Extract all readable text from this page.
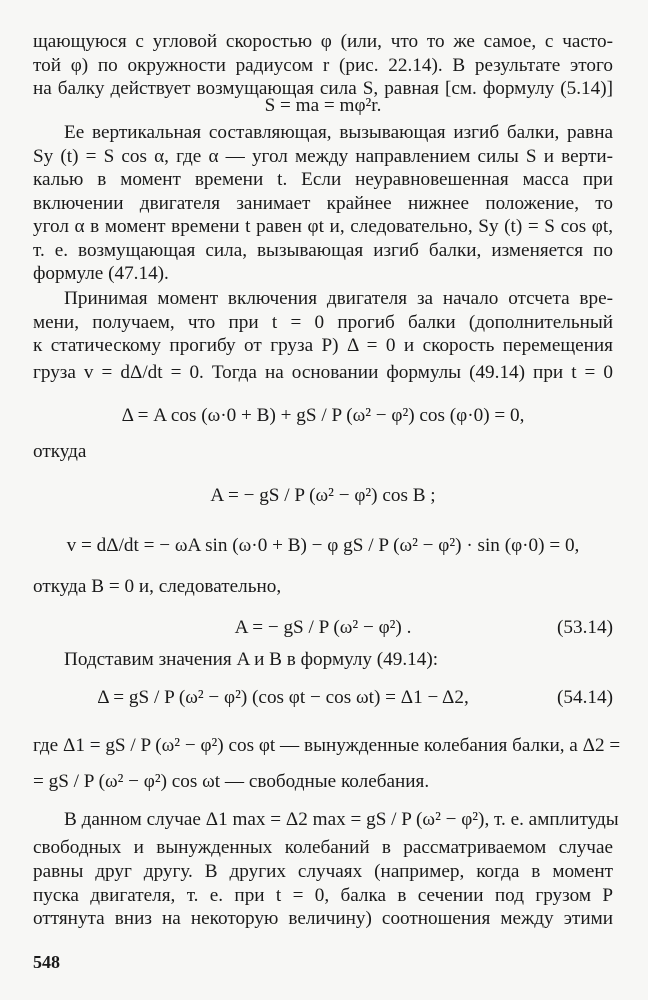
щающуюся с угловой скоростью φ (или, что то же самое, с часто-
той φ) по окружности радиусом r (рис. 22.14). В результате этого
на балку действует возмущающая сила S, равная [см. формулу (5.14)]
S = ma = mφ²r.
Ее вертикальная составляющая, вызывающая изгиб балки, равна
Sy (t) = S cos α, где α — угол между направлением силы S и верти-
калью в момент времени t. Если неуравновешенная масса при
включении двигателя занимает крайнее нижнее положение, то
угол α в момент времени t равен φt и, следовательно, Sy (t) = S cos φt,
т. е. возмущающая сила, вызывающая изгиб балки, изменяется по
формуле (47.14).
Принимая момент включения двигателя за начало отсчета вре-
мени, получаем, что при t = 0 прогиб балки (дополнительный
к статическому прогибу от груза P) Δ = 0 и скорость перемещения
груза v = dΔ/dt = 0. Тогда на основании формулы (49.14) при t = 0
Δ = A cos (ω·0 + B) + gS / P (ω² − φ²) cos (φ·0) = 0,
откуда
A = − gS / P (ω² − φ²) cos B ;
v = dΔ/dt = − ωA sin (ω·0 + B) − φ gS / P (ω² − φ²) · sin (φ·0) = 0,
откуда B = 0 и, следовательно,
A = − gS / P (ω² − φ²) .	(53.14)
Подставим значения A и B в формулу (49.14):
Δ = gS / P (ω² − φ²) (cos φt − cos ωt) = Δ1 − Δ2,	(54.14)
где Δ1 = gS / P (ω² − φ²) cos φt — вынужденные колебания балки, а Δ2 =
= gS / P (ω² − φ²) cos ωt — свободные колебания.
В данном случае Δ1 max = Δ2 max = gS / P (ω² − φ²), т. е. амплитуды
свободных и вынужденных колебаний в рассматриваемом случае
равны друг другу. В других случаях (например, когда в момент
пуска двигателя, т. е. при t = 0, балка в сечении под грузом P
оттянута вниз на некоторую величину) соотношения между этими
548
